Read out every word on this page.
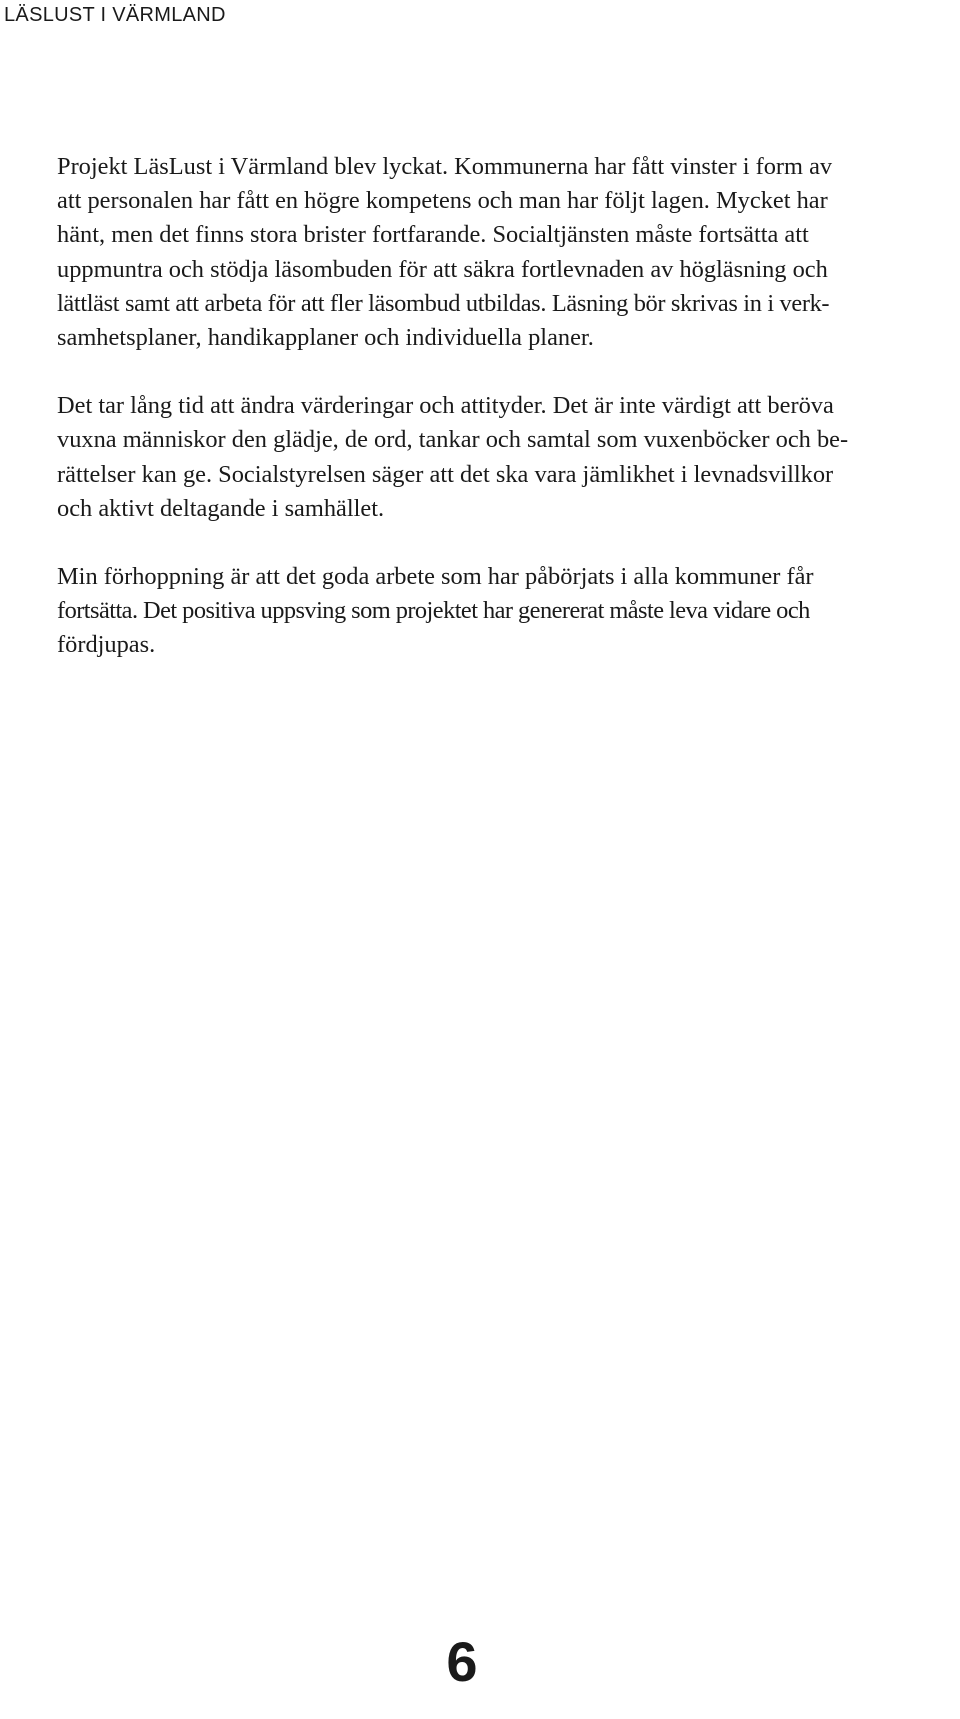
LÄSLUST I VÄRMLAND

Projekt LäsLust i Värmland blev lyckat. Kommunerna har fått vinster i form av
att personalen har fått en högre kompetens och man har följt lagen. Mycket har
hänt, men det finns stora brister fortfarande. Socialtjänsten måste fortsätta att
uppmuntra och stödja läsombuden för att säkra fortlevnaden av högläsning och
lättläst samt att arbeta för att fler läsombud utbildas. Läsning bör skrivas in i verk-
samhetsplaner, handikapplaner och individuella planer.

Det tar lång tid att ändra värderingar och attityder. Det är inte värdigt att beröva
vuxna människor den glädje, de ord, tankar och samtal som vuxenböcker och be-
rättelser kan ge. Socialstyrelsen säger att det ska vara jämlikhet i levnadsvillkor
och aktivt deltagande i samhället.

Min förhoppning är att det goda arbete som har påbörjats i alla kommuner får
fortsätta. Det positiva uppsving som projektet har genererat måste leva vidare och
fördjupas.

6
